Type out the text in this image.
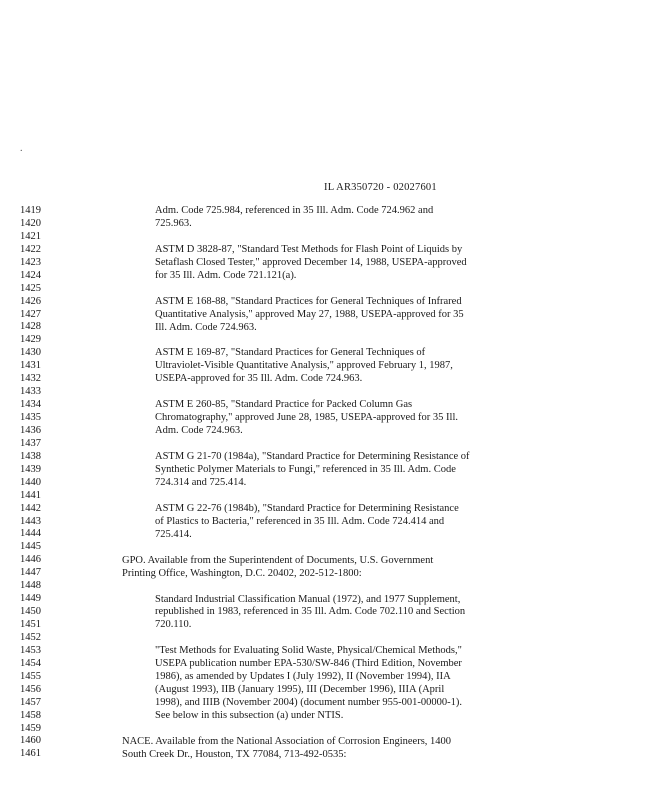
.
IL AR350720 - 02027601
1419
1420
1421
1422
1423
1424
1425
1426
1427
1428
1429
1430
1431
1432
1433
1434
1435
1436
1437
1438
1439
1440
1441
1442
1443
1444
1445
1446
1447
1448
1449
1450
1451
1452
1453
1454
1455
1456
1457
1458
1459
1460
1461
Adm. Code 725.984, referenced in 35 Ill. Adm. Code 724.962 and
725.963.
ASTM D 3828-87, "Standard Test Methods for Flash Point of Liquids by
Setaflash Closed Tester," approved December 14, 1988, USEPA-approved
for 35 Ill. Adm. Code 721.121(a).
ASTM E 168-88, "Standard Practices for General Techniques of Infrared
Quantitative Analysis," approved May 27, 1988, USEPA-approved for 35
Ill. Adm. Code 724.963.
ASTM E 169-87, "Standard Practices for General Techniques of
Ultraviolet-Visible Quantitative Analysis," approved February 1, 1987,
USEPA-approved for 35 Ill. Adm. Code 724.963.
ASTM E 260-85, "Standard Practice for Packed Column Gas
Chromatography," approved June 28, 1985, USEPA-approved for 35 Ill.
Adm. Code 724.963.
ASTM G 21-70 (1984a), "Standard Practice for Determining Resistance of
Synthetic Polymer Materials to Fungi," referenced in 35 Ill. Adm. Code
724.314 and 725.414.
ASTM G 22-76 (1984b), "Standard Practice for Determining Resistance
of Plastics to Bacteria," referenced in 35 Ill. Adm. Code 724.414 and
725.414.
GPO. Available from the Superintendent of Documents, U.S. Government
Printing Office, Washington, D.C. 20402, 202-512-1800:
Standard Industrial Classification Manual (1972), and 1977 Supplement,
republished in 1983, referenced in 35 Ill. Adm. Code 702.110 and Section
720.110.
"Test Methods for Evaluating Solid Waste, Physical/Chemical Methods,"
USEPA publication number EPA-530/SW-846 (Third Edition, November
1986), as amended by Updates I (July 1992), II (November 1994), IIA
(August 1993), IIB (January 1995), III (December 1996), IIIA (April
1998), and IIIB (November 2004) (document number 955-001-00000-1).
See below in this subsection (a) under NTIS.
NACE. Available from the National Association of Corrosion Engineers, 1400
South Creek Dr., Houston, TX 77084, 713-492-0535:
